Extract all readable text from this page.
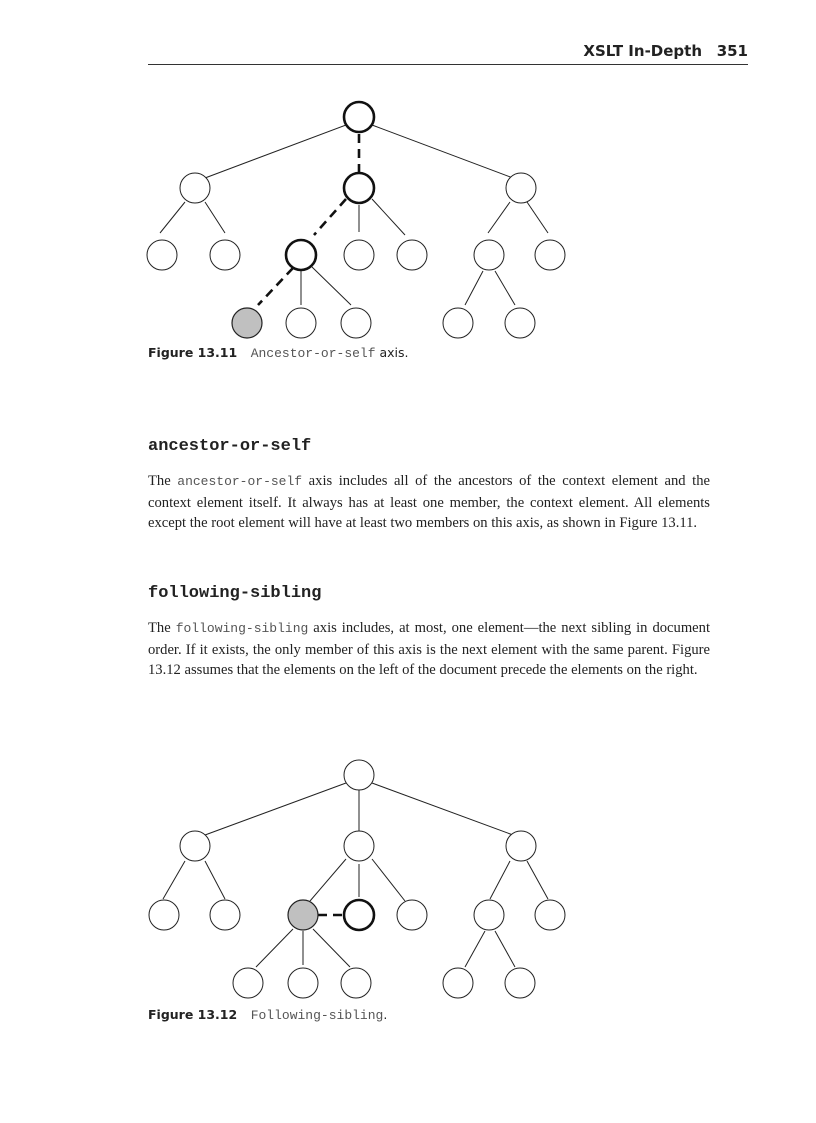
XSLT In-Depth 351
Figure 13.11 Ancestor-or-self axis.
ancestor-or-self

The ancestor-or-self axis includes all of the ancestors of the context element and the context element itself. It always has at least one member, the context element. All elements except the root element will have at least two members on this axis, as shown in Figure 13.11.

following-sibling

The following-sibling axis includes, at most, one element—the next sibling in document order. If it exists, the only member of this axis is the next element with the same parent. Figure 13.12 assumes that the elements on the left of the document precede the elements on the right.

Figure 13.12 Following-sibling.
